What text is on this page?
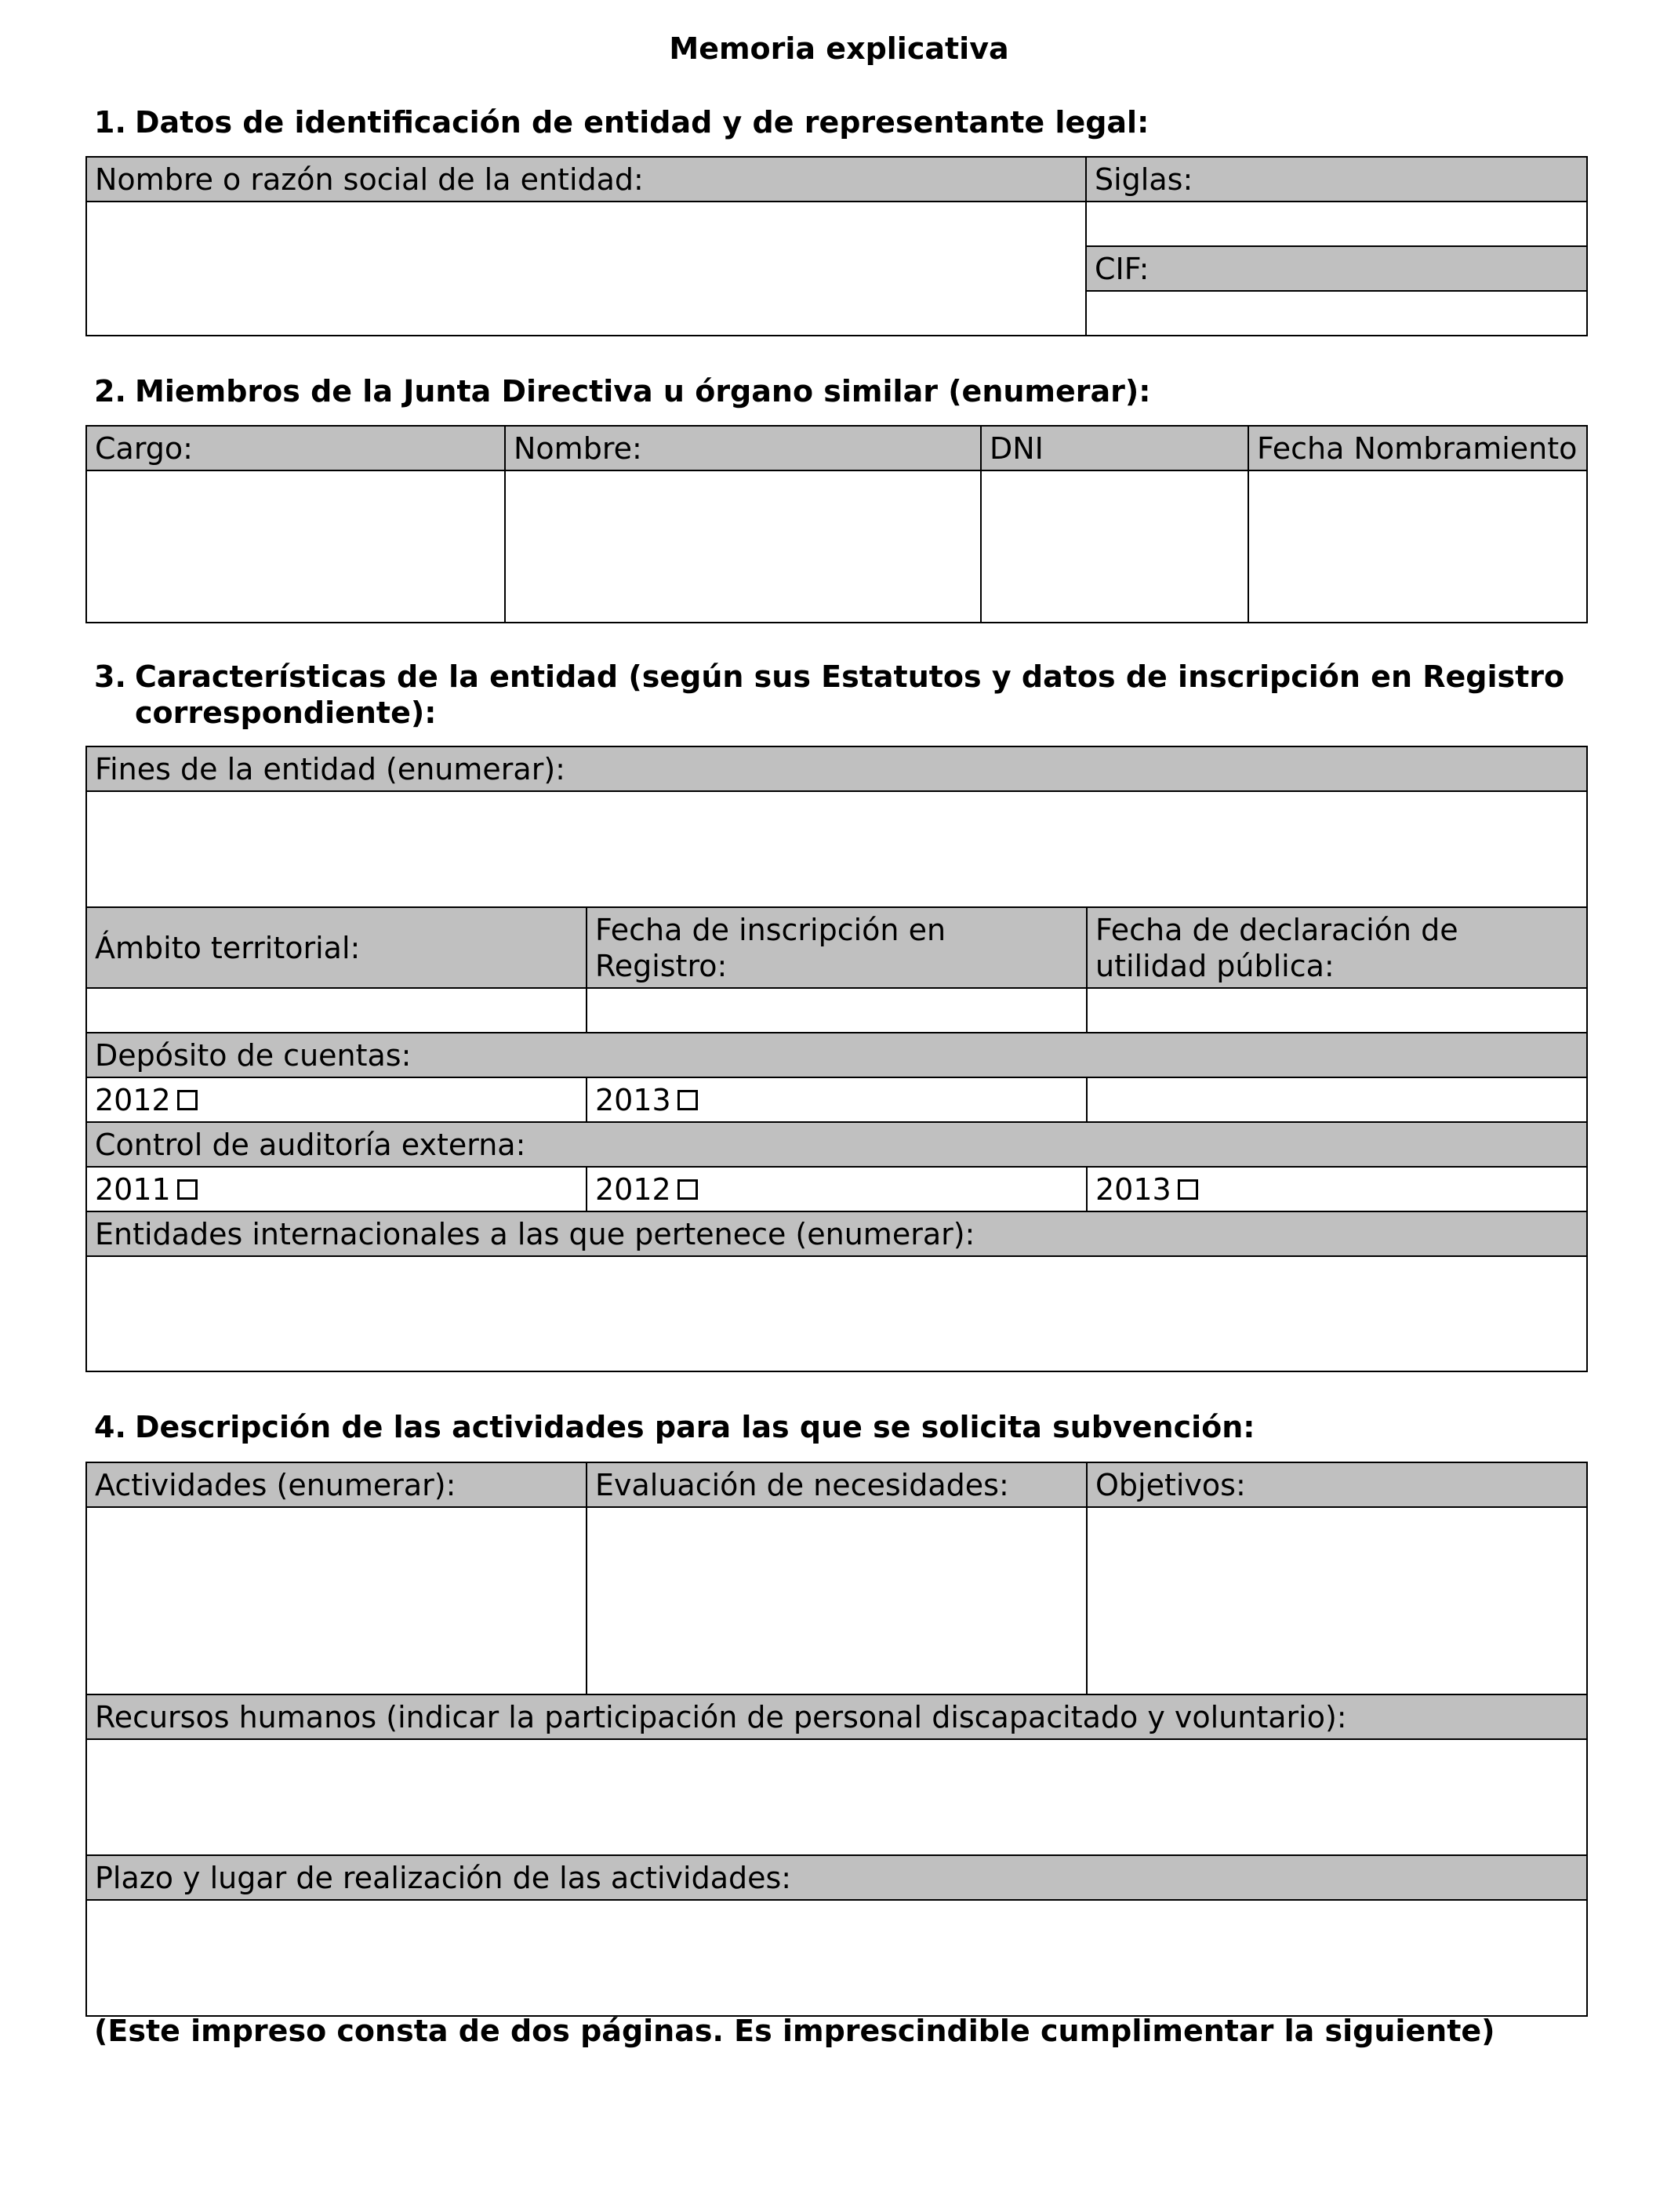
Memoria explicativa
1. Datos de identificación de entidad y de representante legal:
Nombre o razón social de la entidad:	Siglas:

	CIF:

2. Miembros de la Junta Directiva u órgano similar (enumerar):
Cargo:	Nombre:	DNI	Fecha Nombramiento

3. Características de la entidad (según sus Estatutos y datos de inscripción en Registro
correspondiente):
Fines de la entidad (enumerar):		

Ámbito territorial:	Fecha de inscripción en Registro:	Fecha de declaración de utilidad pública:

Depósito de cuentas:		
2012	2013	
Control de auditoría externa:		
2011	2012	2013
Entidades internacionales a las que pertenece (enumerar):		

4. Descripción de las actividades para las que se solicita subvención:
Actividades (enumerar):	Evaluación de necesidades:	Objetivos:

Recursos humanos (indicar la participación de personal discapacitado y voluntario):		

Plazo y lugar de realización de las actividades:		

(Este impreso consta de dos páginas. Es imprescindible cumplimentar la siguiente)
